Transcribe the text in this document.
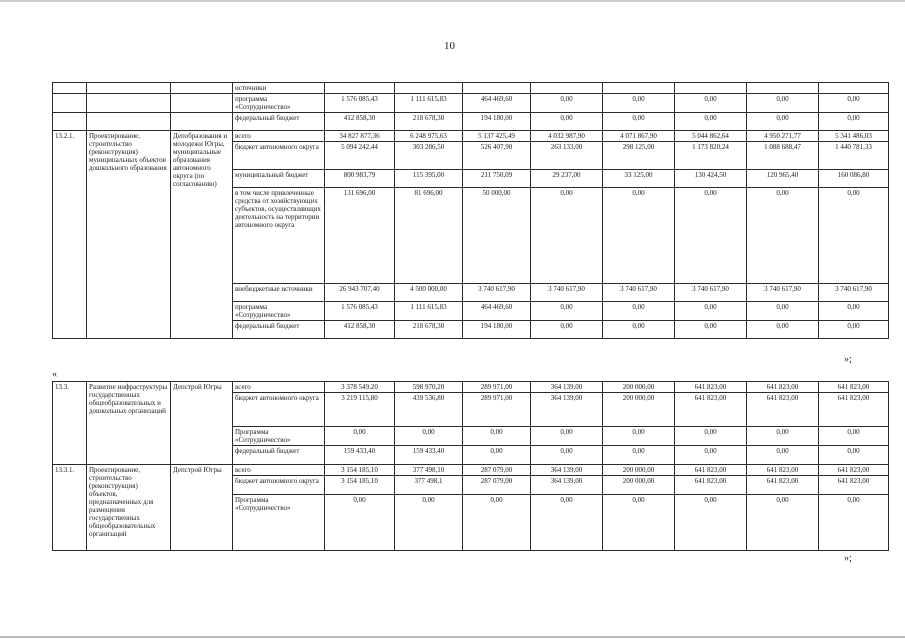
10
			источники								
			программа «Сотрудничество»	1 576 085,43	1 111 615,83	464 469,60	0,00	0,00	0,00	0,00	0,00
			федеральный бюджет	412 858,30	218 678,30	194 180,00	0,00	0,00	0,00	0,00	0,00
13.2.1.	Проектирование, строительство (реконструкция) муниципальных объектов дошкольного образования	Депобразования и молодежи Югры, муниципальные образования автономного округа (по согласованию)	всего	34 827 877,36	6 248 975,63	5 137 425,49	4 032 987,90	4 071 867,90	5 044 862,64	4 950 271,77	5 341 486,03
			бюджет автономного округа	5 094 242,44	303 286,50	526 407,90	263 133,00	298 125,00	1 173 820,24	1 088 688,47	1 440 781,33
			муниципальный бюджет	800 983,79	115 395,00	211 750,09	29 237,00	33 125,00	130 424,50	120 965,40	160 086,80
			в том числе привлеченные средства от хозяйствующих субъектов, осуществляющих деятельность на территории автономного округа	131 696,00	81 696,00	50 000,00	0,00	0,00	0,00	0,00	0,00
			внебюджетные источники	26 943 707,40	4 500 000,00	3 740 617,90	3 740 617,90	3 740 617,90	3 740 617,90	3 740 617,90	3 740 617,90
			программа «Сотрудничество»	1 576 085,43	1 111 615,83	464 469,60	0,00	0,00	0,00	0,00	0,00
			федеральный бюджет	412 858,30	218 678,30	194 180,00	0,00	0,00	0,00	0,00	0,00
»;
«
13.3.	Развитие инфраструктуры государственных общеобразовательных и дошкольных организаций	Депстрой Югры	всего	3 378 549,20	598 970,20	289 971,00	364 139,00	200 000,00	641 823,00	641 823,00	641 823,00
			бюджет автономного округа	3 219 115,80	439 536,80	289 971,00	364 139,00	200 000,00	641 823,00	641 823,00	641 823,00
			Программа «Сотрудничество»	0,00	0,00	0,00	0,00	0,00	0,00	0,00	0,00
			федеральный бюджет	159 433,40	159 433,40	0,00	0,00	0,00	0,00	0,00	0,00
13.3.1.	Проектирование, строительство (реконструкция) объектов, предназначенных для размещения государственных общеобразовательных организаций	Депстрой Югры	всего	3 154 185,10	377 498,10	287 079,00	364 139,00	200 000,00	641 823,00	641 823,00	641 823,00
			бюджет автономного округа	3 154 185,10	377 498,1	287 079,00	364 139,00	200 000,00	641 823,00	641 823,00	641 823,00
			Программа «Сотрудничество»	0,00	0,00	0,00	0,00	0,00	0,00	0,00	0,00
»;
